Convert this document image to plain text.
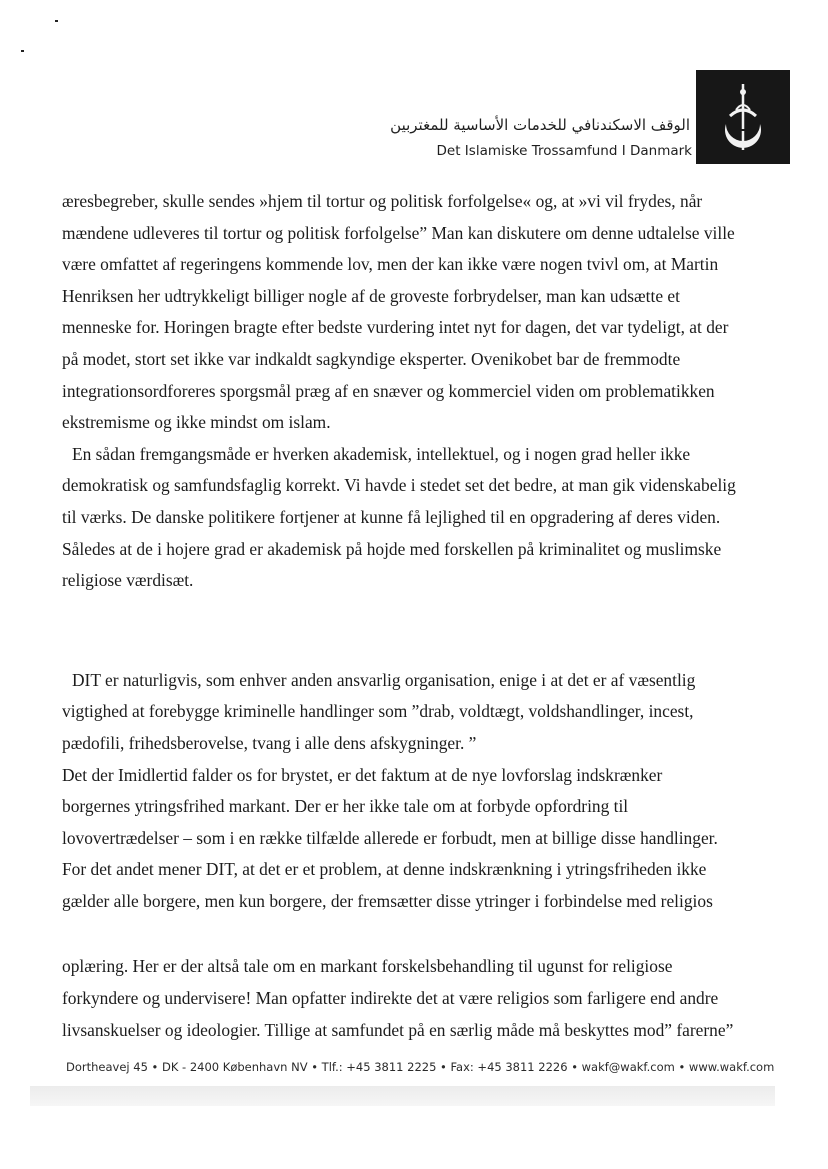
الوقف الاسكندنافي للخدمات الأساسية للمغتربين
Det Islamiske Trossamfund I Danmark

æresbegreber, skulle sendes »hjem til tortur og politisk forfolgelse« og, at »vi vil frydes, når

mændene udleveres til tortur og politisk forfolgelse” Man kan diskutere om denne udtalelse ville

være omfattet af regeringens kommende lov, men der kan ikke være nogen tvivl om, at Martin

Henriksen her udtrykkeligt billiger nogle af de groveste forbrydelser, man kan udsætte et

menneske for. Horingen bragte efter bedste vurdering intet nyt for dagen, det var tydeligt, at der

på modet, stort set ikke var indkaldt sagkyndige eksperter. Ovenikobet bar de fremmodte

integrationsordforeres sporgsmål præg af en snæver og kommerciel viden om problematikken

ekstremisme og ikke mindst om islam.

En sådan fremgangsmåde er hverken akademisk, intellektuel, og i nogen grad heller ikke

demokratisk og samfundsfaglig korrekt. Vi havde i stedet set det bedre, at man gik videnskabelig

til værks. De danske politikere fortjener at kunne få lejlighed til en opgradering af deres viden.

Således at de i hojere grad er akademisk på hojde med forskellen på kriminalitet og muslimske

religiose værdisæt.

DIT er naturligvis, som enhver anden ansvarlig organisation, enige i at det er af væsentlig

vigtighed at forebygge kriminelle handlinger som ”drab, voldtægt, voldshandlinger, incest,

pædofili, frihedsberovelse, tvang i alle dens afskygninger. ”

Det der Imidlertid falder os for brystet, er det faktum at de nye lovforslag indskrænker

borgernes ytringsfrihed markant. Der er her ikke tale om at forbyde opfordring til

lovovertrædelser – som i en række tilfælde allerede er forbudt, men at billige disse handlinger.

For det andet mener DIT, at det er et problem, at denne indskrænkning i ytringsfriheden ikke

gælder alle borgere, men kun borgere, der fremsætter disse ytringer i forbindelse med religios

oplæring. Her er der altså tale om en markant forskelsbehandling til ugunst for religiose

forkyndere og undervisere! Man opfatter indirekte det at være religios som farligere end andre

livsanskuelser og ideologier. Tillige at samfundet på en særlig måde må beskyttes mod” farerne”

Dortheavej 45 • DK - 2400 København NV • Tlf.: +45 3811 2225 • Fax: +45 3811 2226 • wakf@wakf.com • www.wakf.com
